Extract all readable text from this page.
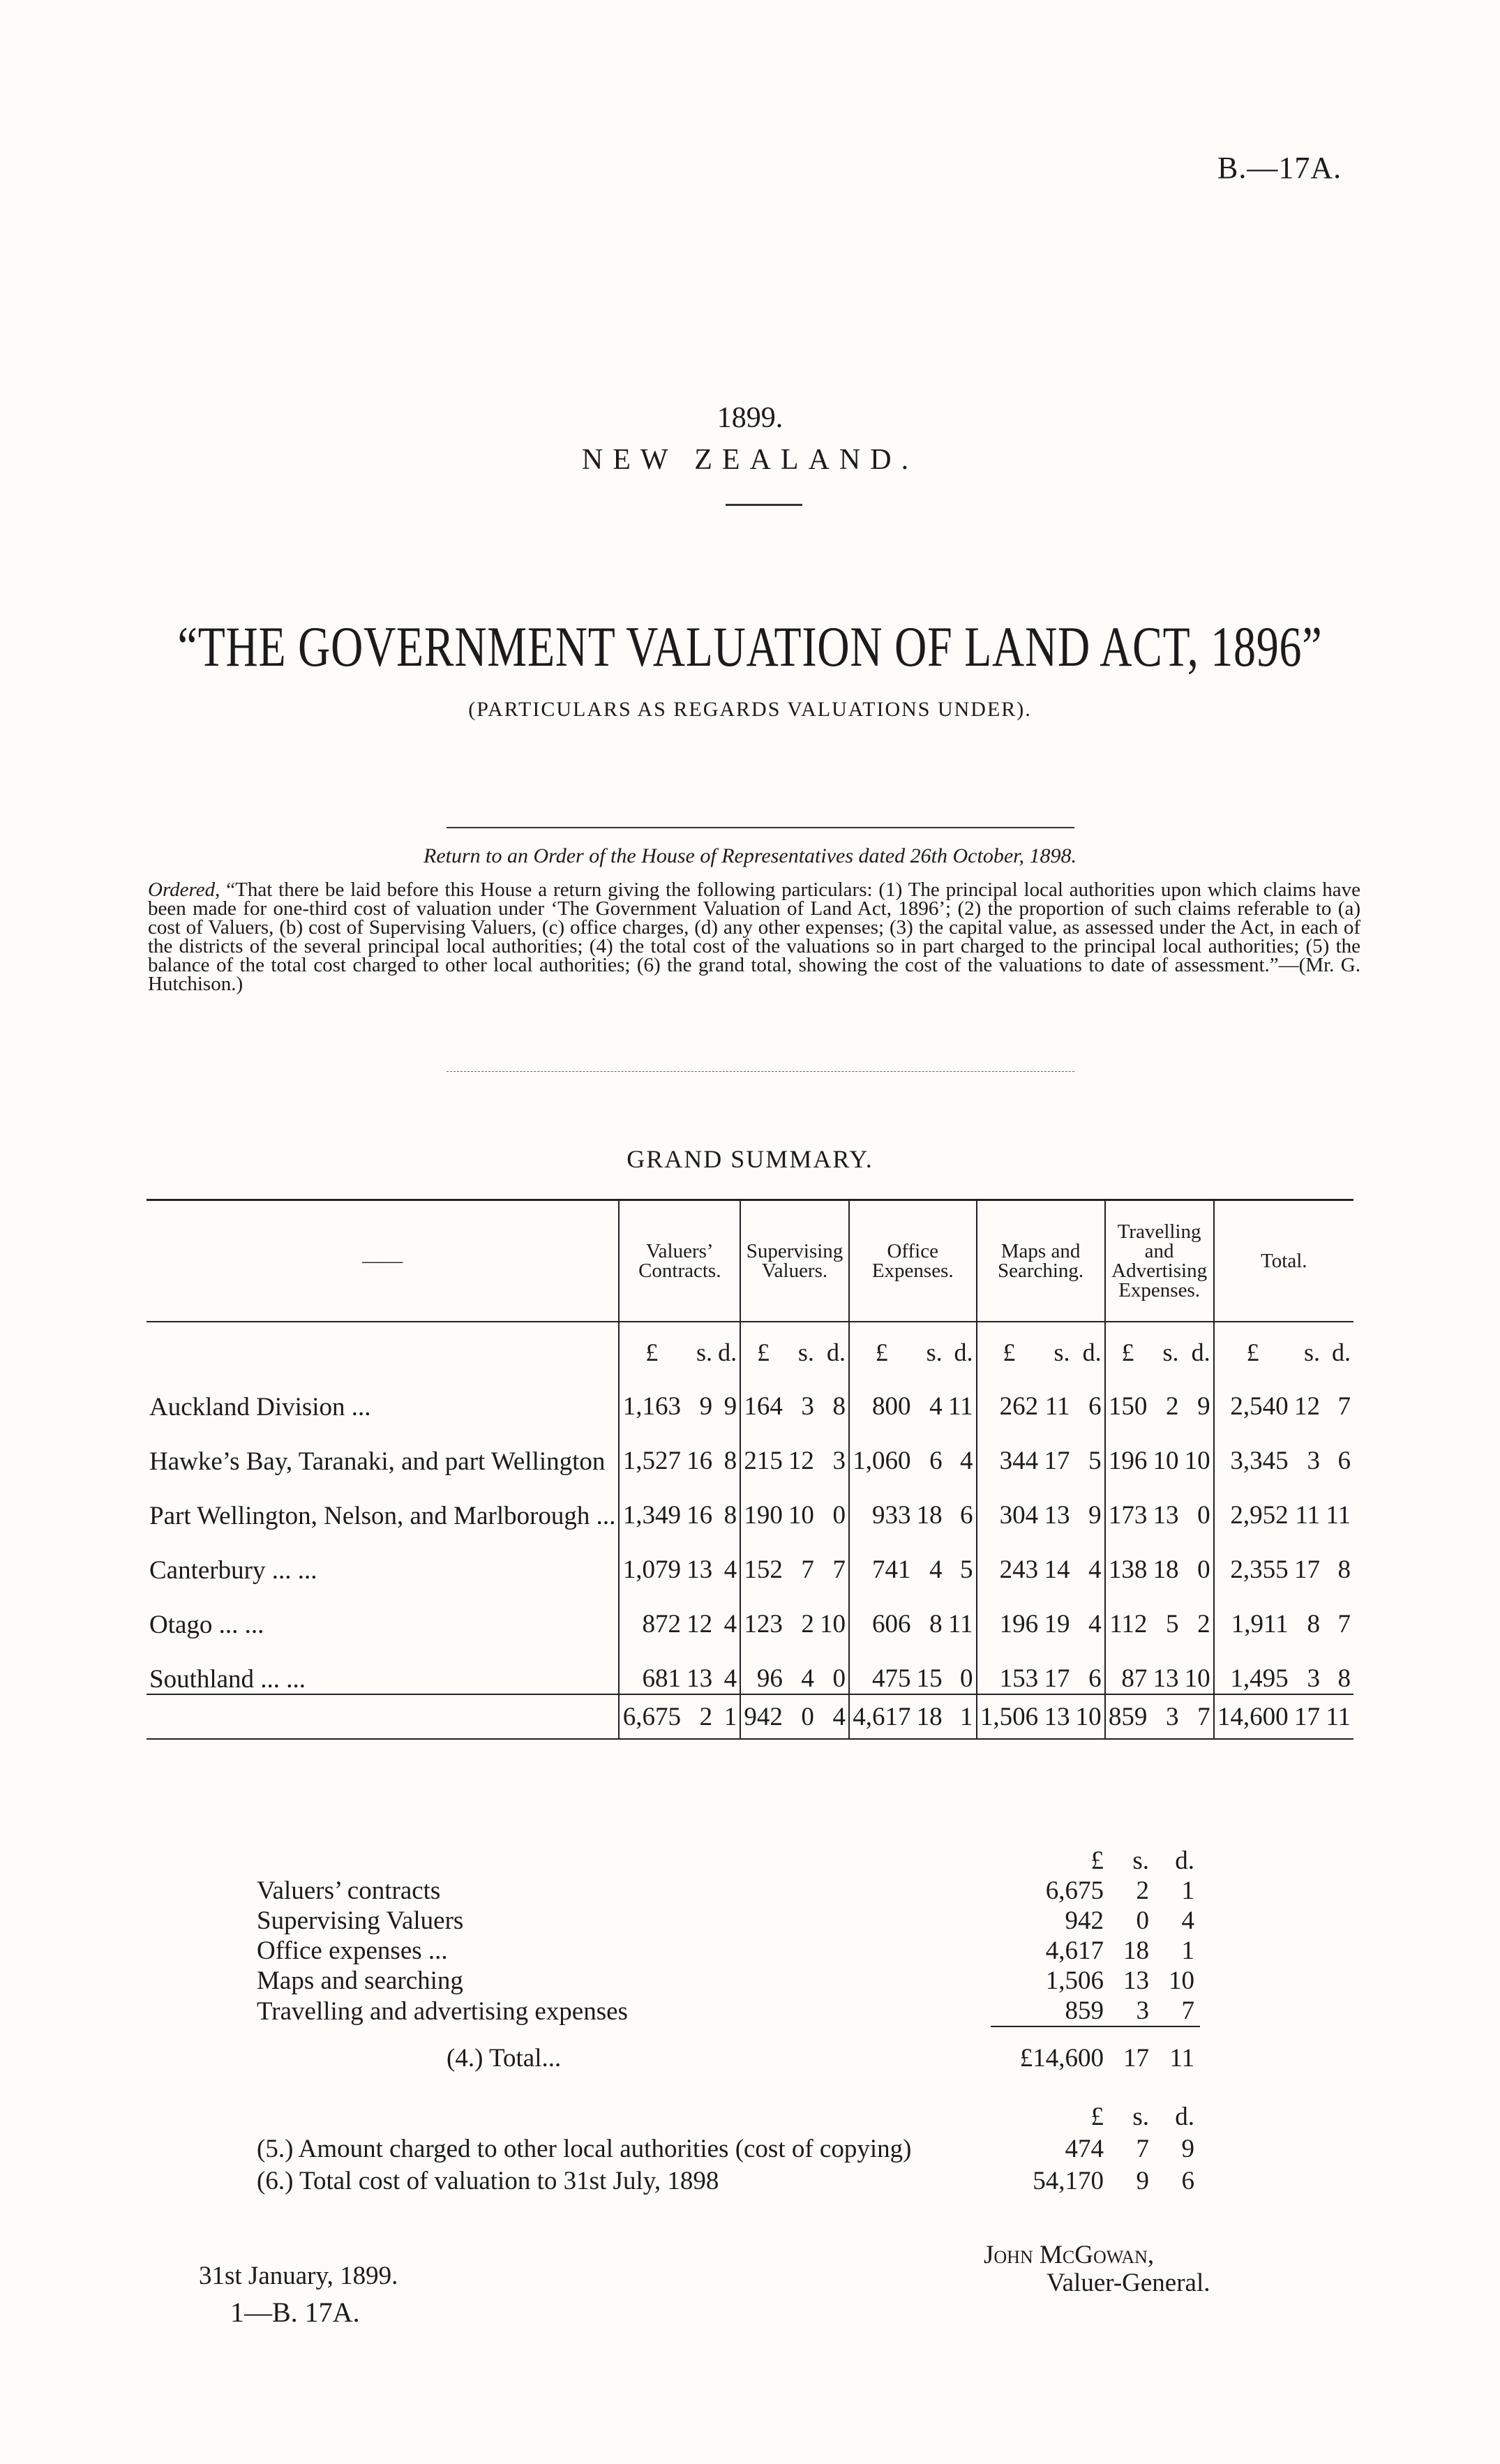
B.—17A.
1899.
NEW ZEALAND.
“THE GOVERNMENT VALUATION OF LAND ACT, 1896”
(PARTICULARS AS REGARDS VALUATIONS UNDER).
Return to an Order of the House of Representatives dated 26th October, 1898.
Ordered, “That there be laid before this House a return giving the following particulars: (1) The principal local authorities upon which claims have been made for one-third cost of valuation under ‘The Government Valuation of Land Act, 1896’; (2) the proportion of such claims referable to (a) cost of Valuers, (b) cost of Supervising Valuers, (c) office charges, (d) any other expenses; (3) the capital value, as assessed under the Act, in each of the districts of the several principal local authorities; (4) the total cost of the valuations so in part charged to the principal local authorities; (5) the balance of the total cost charged to other local authorities; (6) the grand total, showing the cost of the valuations to date of assessment.”—(Mr. G. Hutchison.)
GRAND SUMMARY.
——	Valuers’ Contracts.			Supervising Valuers.			Office Expenses.			Maps and Searching.			Travelling and Advertising Expenses.			Total.		
	£	s.	d.	£	s.	d.	£	s.	d.	£	s.	d.	£	s.	d.	£	s.	d.
Auckland Division ...	1,163	9	9	164	3	8	800	4	11	262	11	6	150	2	9	2,540	12	7
Hawke’s Bay, Taranaki, and part Wellington	1,527	16	8	215	12	3	1,060	6	4	344	17	5	196	10	10	3,345	3	6
Part Wellington, Nelson, and Marlborough ...	1,349	16	8	190	10	0	933	18	6	304	13	9	173	13	0	2,952	11	11
Canterbury ... ...	1,079	13	4	152	7	7	741	4	5	243	14	4	138	18	0	2,355	17	8
Otago ... ...	872	12	4	123	2	10	606	8	11	196	19	4	112	5	2	1,911	8	7
Southland ... ...	681	13	4	96	4	0	475	15	0	153	17	6	87	13	10	1,495	3	8
	6,675	2	1	942	0	4	4,617	18	1	1,506	13	10	859	3	7	14,600	17	11
	£	s.	d.
Valuers’ contracts	6,675	2	1
Supervising Valuers	942	0	4
Office expenses ...	4,617	18	1
Maps and searching	1,506	13	10
Travelling and advertising expenses	859	3	7
(4.) Total...	£14,600	17	11
	£	s.	d.
(5.) Amount charged to other local authorities (cost of copying)	474	7	9
(6.) Total cost of valuation to 31st July, 1898	54,170	9	6
John McGowan,
Valuer-General.
31st January, 1899.
1—B. 17A.
